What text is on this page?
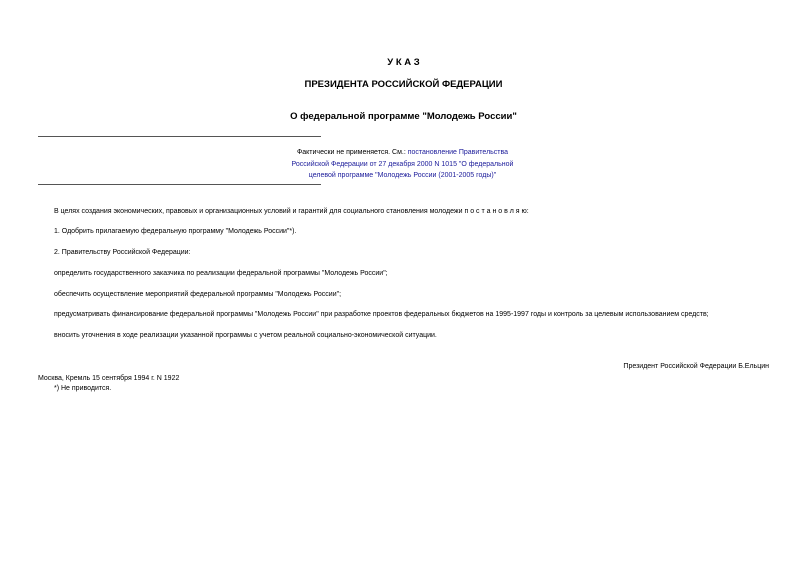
У К А З
ПРЕЗИДЕНТА РОССИЙСКОЙ ФЕДЕРАЦИИ
О федеральной программе "Молодежь России"
Фактически не применяется. См.: постановление Правительства
Российской Федерации от 27 декабря 2000 N 1015 "О федеральной
целевой программе "Молодежь России (2001-2005 годы)"
В целях создания экономических, правовых и организационных условий и гарантий для социального становления молодежи п о с т а н о в л я ю:
1. Одобрить прилагаемую федеральную программу "Молодежь России"*).
2. Правительству Российской Федерации:
определить государственного заказчика по реализации федеральной программы "Молодежь России";
обеспечить осуществление мероприятий федеральной программы "Молодежь России";
предусматривать финансирование федеральной программы "Молодежь России" при разработке проектов федеральных бюджетов на 1995-1997 годы и контроль за целевым использованием средств;
вносить уточнения в ходе реализации указанной программы с учетом реальной социально-экономической ситуации.
Президент Российской Федерации Б.Ельцин
Москва, Кремль 15 сентября 1994 г. N 1922
*) Не приводится.
